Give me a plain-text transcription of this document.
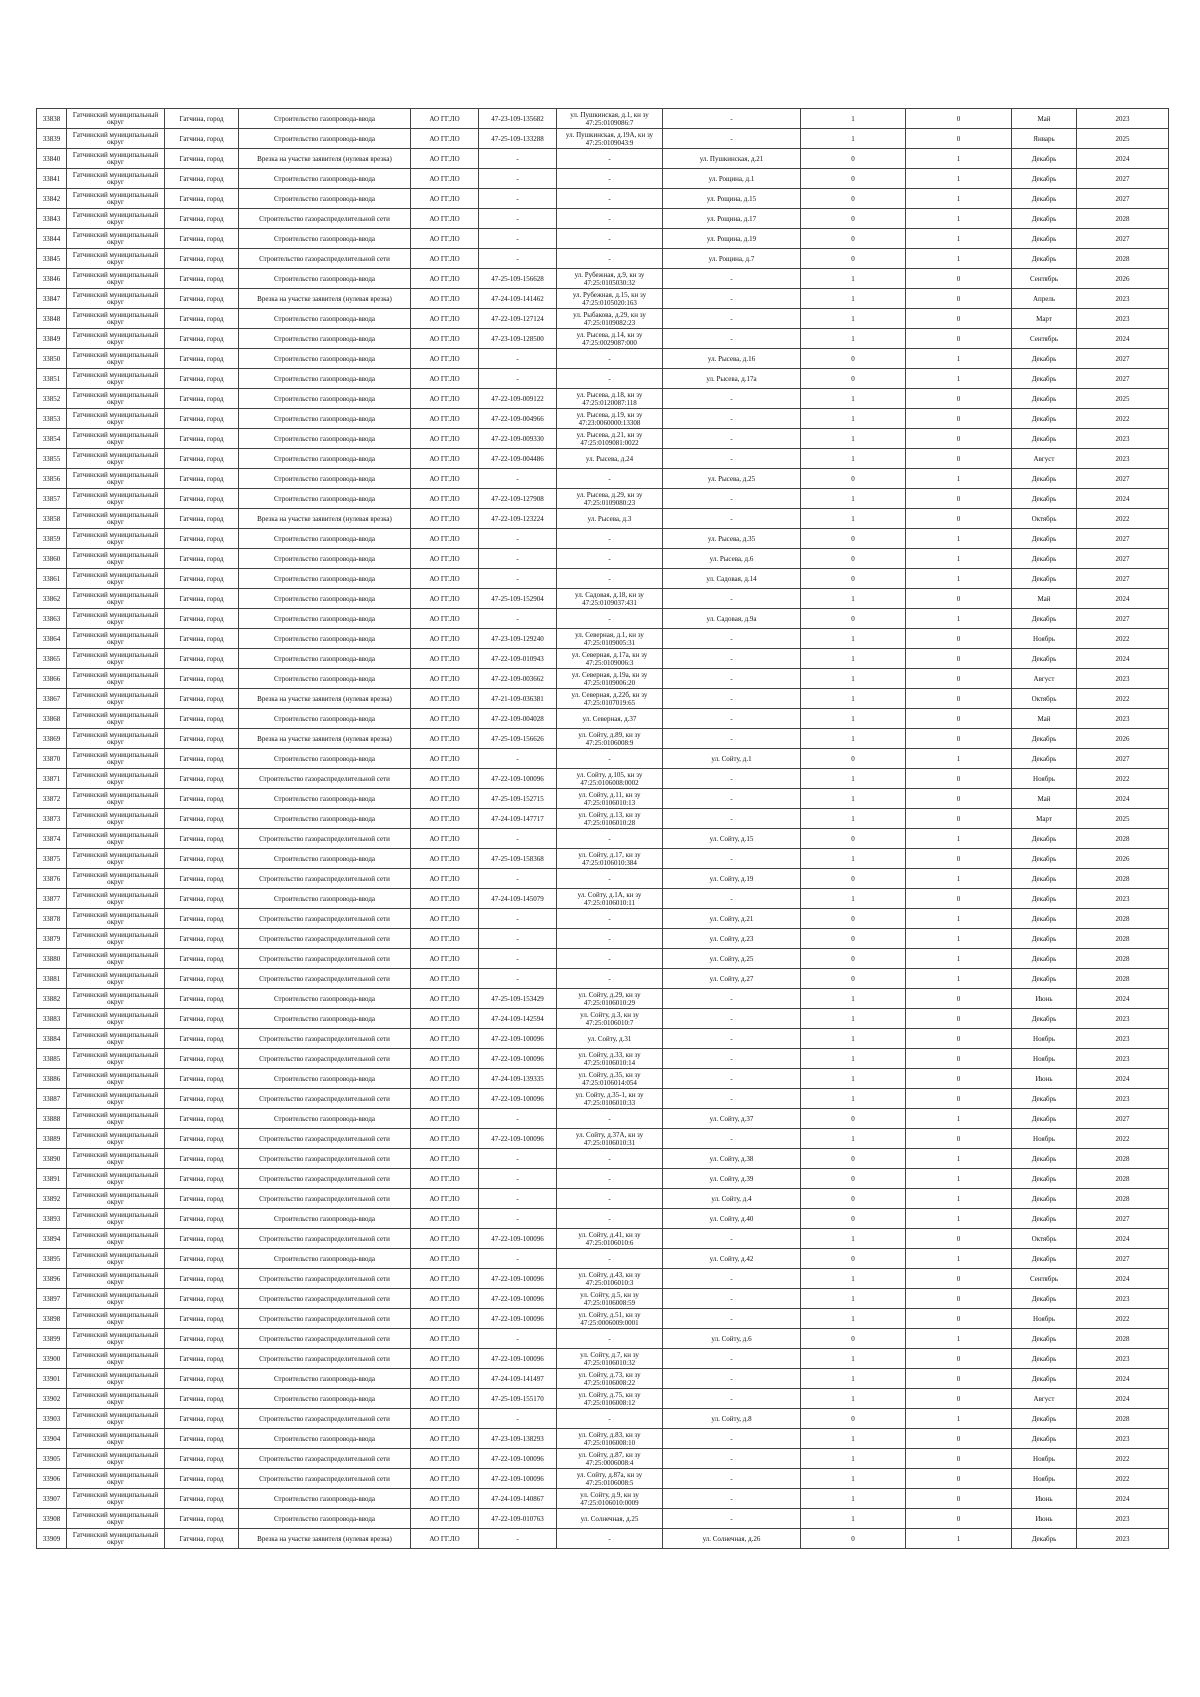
33838	Гатчинский муниципальный округ	Гатчина, город	Строительство газопровода-ввода	АО ГГ.ЛО	47-23-109-135682	ул. Пушкинская, д.1, кн зу 47:25:0109086:7	-	1	0	Май	2023
33839	Гатчинский муниципальный округ	Гатчина, город	Строительство газопровода-ввода	АО ГГ.ЛО	47-25-109-133288	ул. Пушкинская, д.19А, кн зу 47:25:0109043:9	-	1	0	Январь	2025
33840	Гатчинский муниципальный округ	Гатчина, город	Врезка на участке заявителя (нулевая врезка)	АО ГГ.ЛО	-	-	ул. Пушкинская, д.21	0	1	Декабрь	2024
33841	Гатчинский муниципальный округ	Гатчина, город	Строительство газопровода-ввода	АО ГГ.ЛО	-	-	ул. Рощина, д.1	0	1	Декабрь	2027
33842	Гатчинский муниципальный округ	Гатчина, город	Строительство газопровода-ввода	АО ГГ.ЛО	-	-	ул. Рощина, д.15	0	1	Декабрь	2027
33843	Гатчинский муниципальный округ	Гатчина, город	Строительство газораспределительной сети	АО ГГ.ЛО	-	-	ул. Рощина, д.17	0	1	Декабрь	2028
33844	Гатчинский муниципальный округ	Гатчина, город	Строительство газопровода-ввода	АО ГГ.ЛО	-	-	ул. Рощина, д.19	0	1	Декабрь	2027
33845	Гатчинский муниципальный округ	Гатчина, город	Строительство газораспределительной сети	АО ГГ.ЛО	-	-	ул. Рощина, д.7	0	1	Декабрь	2028
33846	Гатчинский муниципальный округ	Гатчина, город	Строительство газопровода-ввода	АО ГГ.ЛО	47-25-109-156628	ул. Рубежная, д.9, кн зу 47:25:0105030:32	-	1	0	Сентябрь	2026
33847	Гатчинский муниципальный округ	Гатчина, город	Врезка на участке заявителя (нулевая врезка)	АО ГГ.ЛО	47-24-109-141462	ул. Рубежная, д.15, кн зу 47:25:0105020:163	-	1	0	Апрель	2023
33848	Гатчинский муниципальный округ	Гатчина, город	Строительство газопровода-ввода	АО ГГ.ЛО	47-22-109-127124	ул. Рыбакова, д.29, кн зу 47:25:0109082:23	-	1	0	Март	2023
33849	Гатчинский муниципальный округ	Гатчина, город	Строительство газопровода-ввода	АО ГГ.ЛО	47-23-109-128500	ул. Рысева, д.14, кн зу 47:25:0029087:000	-	1	0	Сентябрь	2024
33850	Гатчинский муниципальный округ	Гатчина, город	Строительство газопровода-ввода	АО ГГ.ЛО	-	-	ул. Рысева, д.16	0	1	Декабрь	2027
33851	Гатчинский муниципальный округ	Гатчина, город	Строительство газопровода-ввода	АО ГГ.ЛО	-	-	ул. Рысева, д.17а	0	1	Декабрь	2027
33852	Гатчинский муниципальный округ	Гатчина, город	Строительство газопровода-ввода	АО ГГ.ЛО	47-22-109-009122	ул. Рысева, д.18, кн зу 47:25:0120087:118	-	1	0	Декабрь	2025
33853	Гатчинский муниципальный округ	Гатчина, город	Строительство газопровода-ввода	АО ГГ.ЛО	47-22-109-004966	ул. Рысева, д.19, кн зу 47:23:0060000:13308	-	1	0	Декабрь	2022
33854	Гатчинский муниципальный округ	Гатчина, город	Строительство газопровода-ввода	АО ГГ.ЛО	47-22-109-009330	ул. Рысева, д.21, кн зу 47:25:0109081:0022	-	1	0	Декабрь	2023
33855	Гатчинский муниципальный округ	Гатчина, город	Строительство газопровода-ввода	АО ГГ.ЛО	47-22-109-004486	ул. Рысева, д.24	-	1	0	Август	2023
33856	Гатчинский муниципальный округ	Гатчина, город	Строительство газопровода-ввода	АО ГГ.ЛО	-	-	ул. Рысева, д.25	0	1	Декабрь	2027
33857	Гатчинский муниципальный округ	Гатчина, город	Строительство газопровода-ввода	АО ГГ.ЛО	47-22-109-127908	ул. Рысева, д.29, кн зу 47:25:0109080:23	-	1	0	Декабрь	2024
33858	Гатчинский муниципальный округ	Гатчина, город	Врезка на участке заявителя (нулевая врезка)	АО ГГ.ЛО	47-22-109-123224	ул. Рысева, д.3	-	1	0	Октябрь	2022
33859	Гатчинский муниципальный округ	Гатчина, город	Строительство газопровода-ввода	АО ГГ.ЛО	-	-	ул. Рысева, д.35	0	1	Декабрь	2027
33860	Гатчинский муниципальный округ	Гатчина, город	Строительство газопровода-ввода	АО ГГ.ЛО	-	-	ул. Рысева, д.6	0	1	Декабрь	2027
33861	Гатчинский муниципальный округ	Гатчина, город	Строительство газопровода-ввода	АО ГГ.ЛО	-	-	ул. Садовая, д.14	0	1	Декабрь	2027
33862	Гатчинский муниципальный округ	Гатчина, город	Строительство газопровода-ввода	АО ГГ.ЛО	47-25-109-152904	ул. Садовая, д.18, кн зу 47:25:0109037:431	-	1	0	Май	2024
33863	Гатчинский муниципальный округ	Гатчина, город	Строительство газопровода-ввода	АО ГГ.ЛО	-	-	ул. Садовая, д.9а	0	1	Декабрь	2027
33864	Гатчинский муниципальный округ	Гатчина, город	Строительство газопровода-ввода	АО ГГ.ЛО	47-23-109-129240	ул. Северная, д.1, кн зу 47:25:0109005:31	-	1	0	Ноябрь	2022
33865	Гатчинский муниципальный округ	Гатчина, город	Строительство газопровода-ввода	АО ГГ.ЛО	47-22-109-010943	ул. Северная, д.17а, кн зу 47:25:0109006:3	-	1	0	Декабрь	2024
33866	Гатчинский муниципальный округ	Гатчина, город	Строительство газопровода-ввода	АО ГГ.ЛО	47-22-109-003662	ул. Северная, д.19а, кн зу 47:25:0109006:20	-	1	0	Август	2023
33867	Гатчинский муниципальный округ	Гатчина, город	Врезка на участке заявителя (нулевая врезка)	АО ГГ.ЛО	47-21-109-036381	ул. Северная, д.22б, кн зу 47:25:0107019:65	-	1	0	Октябрь	2022
33868	Гатчинский муниципальный округ	Гатчина, город	Строительство газопровода-ввода	АО ГГ.ЛО	47-22-109-004028	ул. Северная, д.37	-	1	0	Май	2023
33869	Гатчинский муниципальный округ	Гатчина, город	Врезка на участке заявителя (нулевая врезка)	АО ГГ.ЛО	47-25-109-156626	ул. Сойту, д.89, кн зу 47:25:0106008:9	-	1	0	Декабрь	2026
33870	Гатчинский муниципальный округ	Гатчина, город	Строительство газопровода-ввода	АО ГГ.ЛО	-	-	ул. Сойту, д.1	0	1	Декабрь	2027
33871	Гатчинский муниципальный округ	Гатчина, город	Строительство газораспределительной сети	АО ГГ.ЛО	47-22-109-100096	ул. Сойту, д.105, кн зу 47:25:0106008:0002	-	1	0	Ноябрь	2022
33872	Гатчинский муниципальный округ	Гатчина, город	Строительство газопровода-ввода	АО ГГ.ЛО	47-25-109-152715	ул. Сойту, д.11, кн зу 47:25:0106010:13	-	1	0	Май	2024
33873	Гатчинский муниципальный округ	Гатчина, город	Строительство газопровода-ввода	АО ГГ.ЛО	47-24-109-147717	ул. Сойту, д.13, кн зу 47:25:0106010:28	-	1	0	Март	2025
33874	Гатчинский муниципальный округ	Гатчина, город	Строительство газораспределительной сети	АО ГГ.ЛО	-	-	ул. Сойту, д.15	0	1	Декабрь	2028
33875	Гатчинский муниципальный округ	Гатчина, город	Строительство газопровода-ввода	АО ГГ.ЛО	47-25-109-158368	ул. Сойту, д.17, кн зу 47:25:0106010:384	-	1	0	Декабрь	2026
33876	Гатчинский муниципальный округ	Гатчина, город	Строительство газораспределительной сети	АО ГГ.ЛО	-	-	ул. Сойту, д.19	0	1	Декабрь	2028
33877	Гатчинский муниципальный округ	Гатчина, город	Строительство газопровода-ввода	АО ГГ.ЛО	47-24-109-145079	ул. Сойту, д.1А, кн зу 47:25:0106010:11	-	1	0	Декабрь	2023
33878	Гатчинский муниципальный округ	Гатчина, город	Строительство газораспределительной сети	АО ГГ.ЛО	-	-	ул. Сойту, д.21	0	1	Декабрь	2028
33879	Гатчинский муниципальный округ	Гатчина, город	Строительство газораспределительной сети	АО ГГ.ЛО	-	-	ул. Сойту, д.23	0	1	Декабрь	2028
33880	Гатчинский муниципальный округ	Гатчина, город	Строительство газораспределительной сети	АО ГГ.ЛО	-	-	ул. Сойту, д.25	0	1	Декабрь	2028
33881	Гатчинский муниципальный округ	Гатчина, город	Строительство газораспределительной сети	АО ГГ.ЛО	-	-	ул. Сойту, д.27	0	1	Декабрь	2028
33882	Гатчинский муниципальный округ	Гатчина, город	Строительство газопровода-ввода	АО ГГ.ЛО	47-25-109-153429	ул. Сойту, д.29, кн зу 47:25:0106010:29	-	1	0	Июнь	2024
33883	Гатчинский муниципальный округ	Гатчина, город	Строительство газопровода-ввода	АО ГГ.ЛО	47-24-109-142594	ул. Сойту, д.3, кн зу 47:25:0106010:7	-	1	0	Декабрь	2023
33884	Гатчинский муниципальный округ	Гатчина, город	Строительство газораспределительной сети	АО ГГ.ЛО	47-22-109-100096	ул. Сойту, д.31	-	1	0	Ноябрь	2023
33885	Гатчинский муниципальный округ	Гатчина, город	Строительство газораспределительной сети	АО ГГ.ЛО	47-22-109-100096	ул. Сойту, д.33, кн зу 47:25:0106010:14	-	1	0	Ноябрь	2023
33886	Гатчинский муниципальный округ	Гатчина, город	Строительство газопровода-ввода	АО ГГ.ЛО	47-24-109-139335	ул. Сойту, д.35, кн зу 47:25:0106014:054	-	1	0	Июнь	2024
33887	Гатчинский муниципальный округ	Гатчина, город	Строительство газораспределительной сети	АО ГГ.ЛО	47-22-109-100096	ул. Сойту, д.35-1, кн зу 47:25:0106010:33	-	1	0	Декабрь	2023
33888	Гатчинский муниципальный округ	Гатчина, город	Строительство газопровода-ввода	АО ГГ.ЛО	-	-	ул. Сойту, д.37	0	1	Декабрь	2027
33889	Гатчинский муниципальный округ	Гатчина, город	Строительство газораспределительной сети	АО ГГ.ЛО	47-22-109-100096	ул. Сойту, д.37А, кн зу 47:25:0106010:31	-	1	0	Ноябрь	2022
33890	Гатчинский муниципальный округ	Гатчина, город	Строительство газораспределительной сети	АО ГГ.ЛО	-	-	ул. Сойту, д.38	0	1	Декабрь	2028
33891	Гатчинский муниципальный округ	Гатчина, город	Строительство газораспределительной сети	АО ГГ.ЛО	-	-	ул. Сойту, д.39	0	1	Декабрь	2028
33892	Гатчинский муниципальный округ	Гатчина, город	Строительство газораспределительной сети	АО ГГ.ЛО	-	-	ул. Сойту, д.4	0	1	Декабрь	2028
33893	Гатчинский муниципальный округ	Гатчина, город	Строительство газопровода-ввода	АО ГГ.ЛО	-	-	ул. Сойту, д.40	0	1	Декабрь	2027
33894	Гатчинский муниципальный округ	Гатчина, город	Строительство газораспределительной сети	АО ГГ.ЛО	47-22-109-100096	ул. Сойту, д.41, кн зу 47:25:0106010:6	-	1	0	Октябрь	2024
33895	Гатчинский муниципальный округ	Гатчина, город	Строительство газопровода-ввода	АО ГГ.ЛО	-	-	ул. Сойту, д.42	0	1	Декабрь	2027
33896	Гатчинский муниципальный округ	Гатчина, город	Строительство газораспределительной сети	АО ГГ.ЛО	47-22-109-100096	ул. Сойту, д.43, кн зу 47:25:0106010:3	-	1	0	Сентябрь	2024
33897	Гатчинский муниципальный округ	Гатчина, город	Строительство газораспределительной сети	АО ГГ.ЛО	47-22-109-100096	ул. Сойту, д.5, кн зу 47:25:0106008:59	-	1	0	Декабрь	2023
33898	Гатчинский муниципальный округ	Гатчина, город	Строительство газораспределительной сети	АО ГГ.ЛО	47-22-109-100096	ул. Сойту, д.51, кн зу 47:25:0006009:0001	-	1	0	Ноябрь	2022
33899	Гатчинский муниципальный округ	Гатчина, город	Строительство газораспределительной сети	АО ГГ.ЛО	-	-	ул. Сойту, д.6	0	1	Декабрь	2028
33900	Гатчинский муниципальный округ	Гатчина, город	Строительство газораспределительной сети	АО ГГ.ЛО	47-22-109-100096	ул. Сойту, д.7, кн зу 47:25:0106010:32	-	1	0	Декабрь	2023
33901	Гатчинский муниципальный округ	Гатчина, город	Строительство газопровода-ввода	АО ГГ.ЛО	47-24-109-141497	ул. Сойту, д.73, кн зу 47:25:0106008:22	-	1	0	Декабрь	2024
33902	Гатчинский муниципальный округ	Гатчина, город	Строительство газопровода-ввода	АО ГГ.ЛО	47-25-109-155170	ул. Сойту, д.75, кн зу 47:25:0106008:12	-	1	0	Август	2024
33903	Гатчинский муниципальный округ	Гатчина, город	Строительство газораспределительной сети	АО ГГ.ЛО	-	-	ул. Сойту, д.8	0	1	Декабрь	2028
33904	Гатчинский муниципальный округ	Гатчина, город	Строительство газопровода-ввода	АО ГГ.ЛО	47-23-109-138293	ул. Сойту, д.83, кн зу 47:25:0106008:10	-	1	0	Декабрь	2023
33905	Гатчинский муниципальный округ	Гатчина, город	Строительство газораспределительной сети	АО ГГ.ЛО	47-22-109-100096	ул. Сойту, д.87, кн зу 47:25:0006008:4	-	1	0	Ноябрь	2022
33906	Гатчинский муниципальный округ	Гатчина, город	Строительство газораспределительной сети	АО ГГ.ЛО	47-22-109-100096	ул. Сойту, д.87а, кн зу 47:25:0106008:5	-	1	0	Ноябрь	2022
33907	Гатчинский муниципальный округ	Гатчина, город	Строительство газопровода-ввода	АО ГГ.ЛО	47-24-109-140867	ул. Сойту, д.9, кн зу 47:25:0106010:0009	-	1	0	Июнь	2024
33908	Гатчинский муниципальный округ	Гатчина, город	Строительство газопровода-ввода	АО ГГ.ЛО	47-22-109-010763	ул. Солнечная, д.25	-	1	0	Июнь	2023
33909	Гатчинский муниципальный округ	Гатчина, город	Врезка на участке заявителя (нулевая врезка)	АО ГГ.ЛО	-	-	ул. Солнечная, д.26	0	1	Декабрь	2023
